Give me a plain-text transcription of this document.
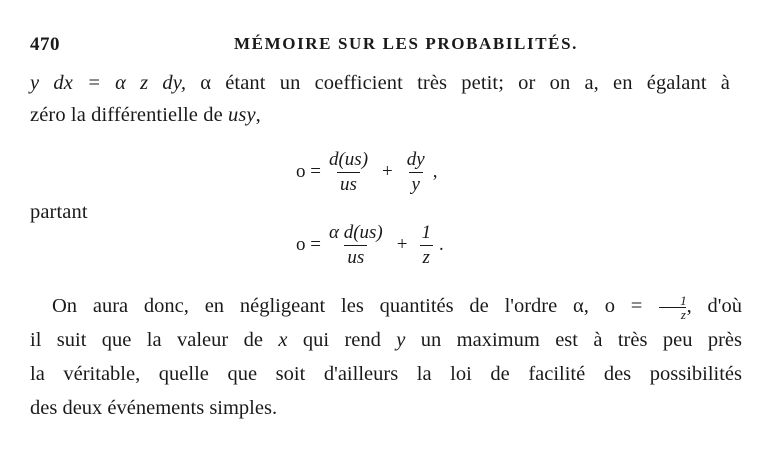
470	MÉMOIRE SUR LES PROBABILITÉS.
y dx = α z dy, α étant un coefficient très petit; or on a, en égalant à
zéro la différentielle de usy,
$o = \frac{d(us)}{us} + \frac{dy}{y}$ ,
partant
$o = \frac{\text{α d(us)}}{us} + \frac{1}{z}$ .
On aura donc, en négligeant les quantités de l'ordre α, $o = \frac{1}{z}$ , d'où
il suit que la valeur de x qui rend y un maximum est à très peu près
la véritable, quelle que soit d'ailleurs la loi de facilité des possibilités
des deux événements simples.
